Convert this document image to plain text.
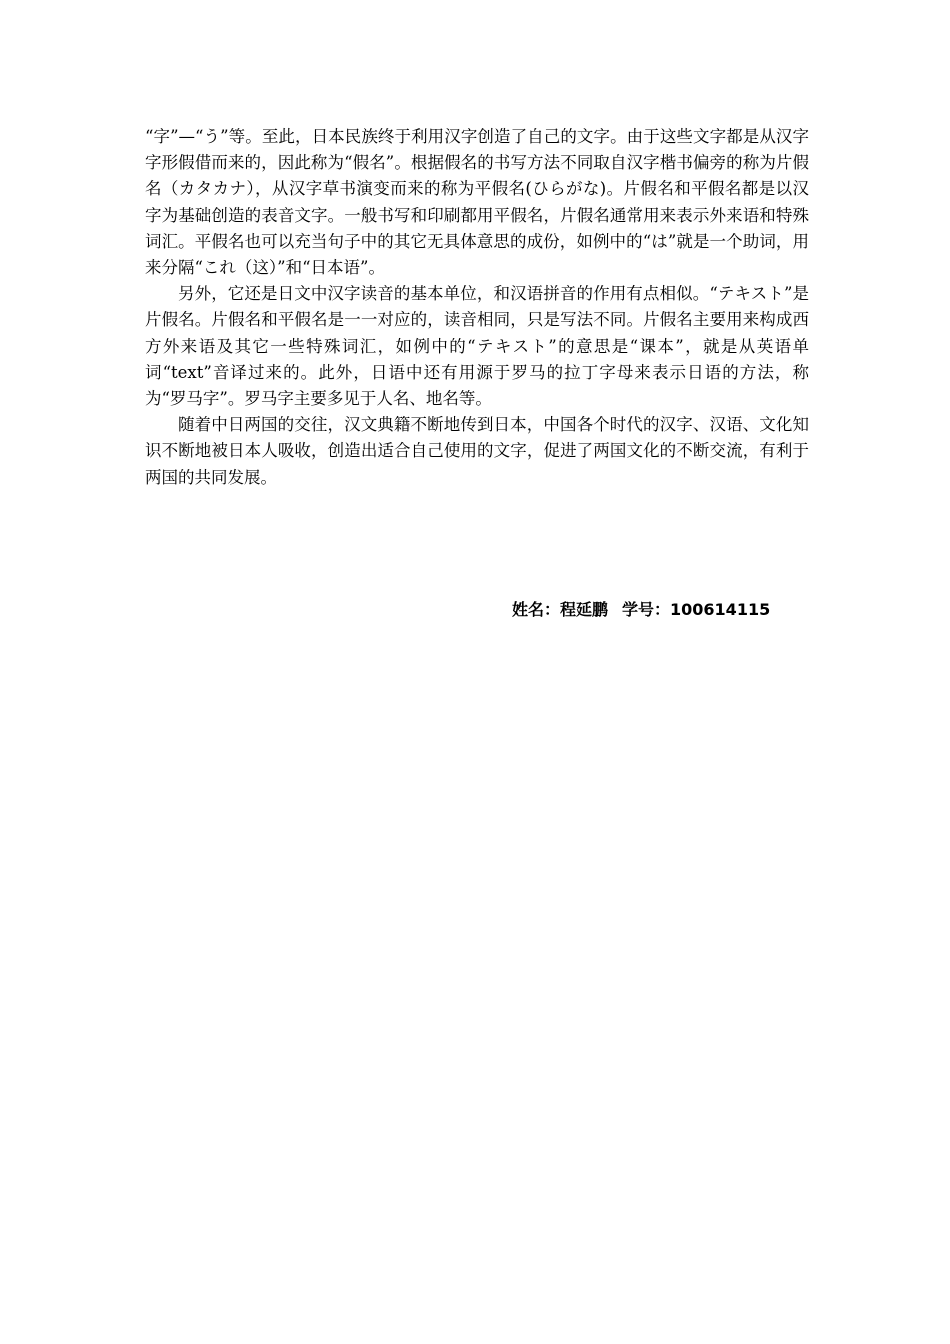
“字”—“う”等。至此，日本民族终于利用汉字创造了自己的文字。由于这些文字都是从汉字字形假借而来的，因此称为“假名”。根据假名的书写方法不同取自汉字楷书偏旁的称为片假名（カタカナ），从汉字草书演变而来的称为平假名(ひらがな)。片假名和平假名都是以汉字为基础创造的表音文字。一般书写和印刷都用平假名，片假名通常用来表示外来语和特殊词汇。平假名也可以充当句子中的其它无具体意思的成份，如例中的“は”就是一个助词，用来分隔“これ（这）”和“日本语”。

另外，它还是日文中汉字读音的基本单位，和汉语拼音的作用有点相似。“テキスト”是片假名。片假名和平假名是一一对应的，读音相同，只是写法不同。片假名主要用来构成西方外来语及其它一些特殊词汇，如例中的“テキスト”的意思是“课本”，就是从英语单词“text”音译过来的。此外，日语中还有用源于罗马的拉丁字母来表示日语的方法，称为“罗马字”。罗马字主要多见于人名、地名等。

随着中日两国的交往，汉文典籍不断地传到日本，中国各个时代的汉字、汉语、文化知识不断地被日本人吸收，创造出适合自己使用的文字，促进了两国文化的不断交流，有利于两国的共同发展。

姓名：程延鹏 学号：100614115
